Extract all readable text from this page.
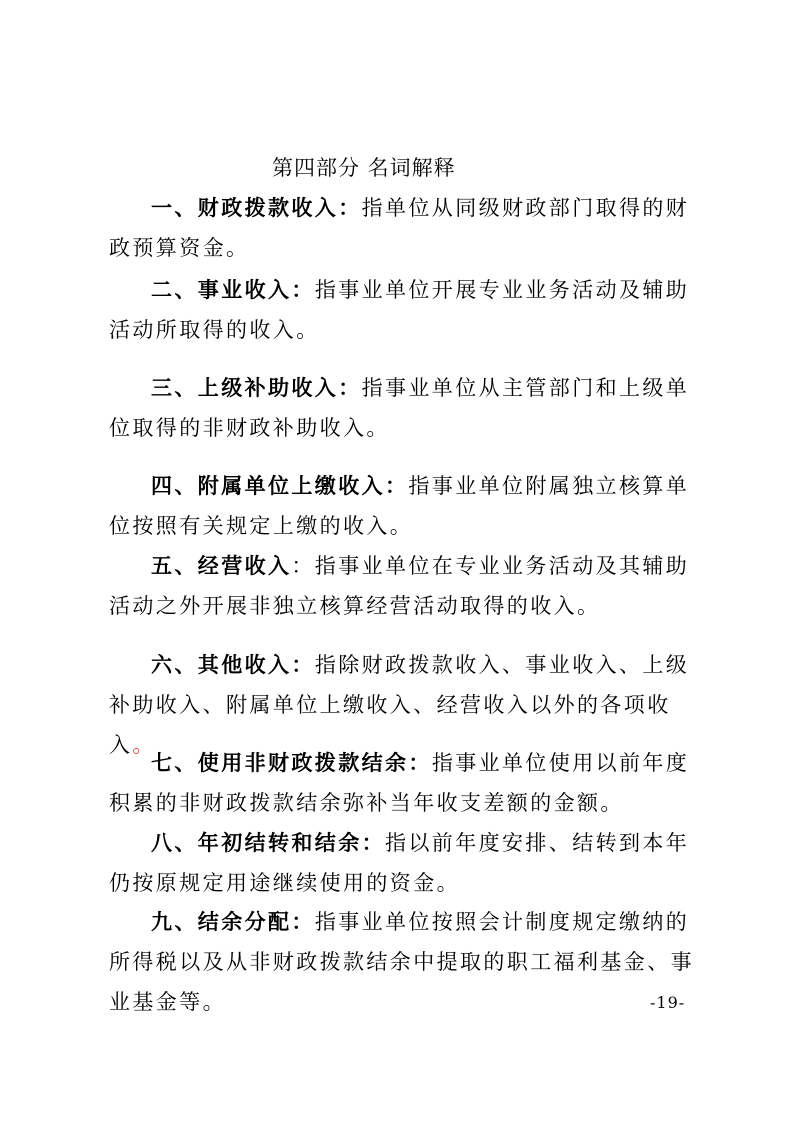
第四部分 名词解释

一、财政拨款收入：指单位从同级财政部门取得的财政预算资金。

二、事业收入：指事业单位开展专业业务活动及辅助活动所取得的收入。

三、上级补助收入：指事业单位从主管部门和上级单位取得的非财政补助收入。

四、附属单位上缴收入：指事业单位附属独立核算单位按照有关规定上缴的收入。

五、经营收入：指事业单位在专业业务活动及其辅助活动之外开展非独立核算经营活动取得的收入。

六、其他收入：指除财政拨款收入、事业收入、上级补助收入、附属单位上缴收入、经营收入以外的各项收入。

七、使用非财政拨款结余：指事业单位使用以前年度积累的非财政拨款结余弥补当年收支差额的金额。

八、年初结转和结余：指以前年度安排、结转到本年仍按原规定用途继续使用的资金。

九、结余分配：指事业单位按照会计制度规定缴纳的所得税以及从非财政拨款结余中提取的职工福利基金、事业基金等。	-19-
